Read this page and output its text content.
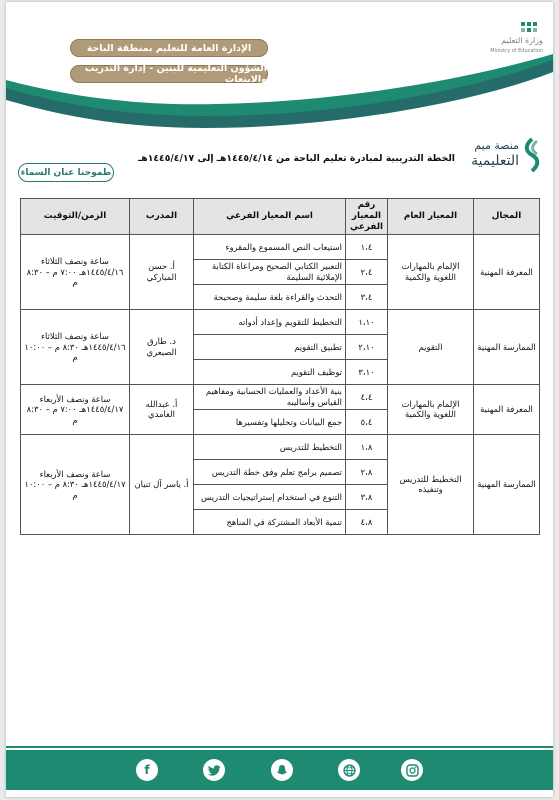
الإدارة العامة للتعليم بمنطقة الباحة
الشؤون التعليمية للبنين - إدارة التدريب والابتعاث
وزارة التعليم
Ministry of Education
منصة ميم
التعليمية
الخطة التدريبية لمبادرة تعليم الباحة من ١٤٤٥/٤/١٤هـ إلى ١٤٤٥/٤/١٧هـ
طموحنا عنان السماء
المجال	المعيار العام	رقم المعيار الفرعي	اسم المعيار الفرعي	المدرب	الزمن/التوقيت
المعرفة المهنية	الإلمام بالمهارات اللغوية والكمية	١،٤	استيعاب النص المسموع والمقروء	أ. حسن المباركي	ساعة ونصف الثلاثاء ١٤٤٥/٤/١٦هـ ٧:٠٠ م – ٨:٣٠ م
		٢،٤	التعبير الكتابي الصحيح ومراعاة الكتابة الإملائية السليمة		
		٣،٤	التحدث والقراءة بلغة سليمة وصحيحة		
الممارسة المهنية	التقويم	١،١٠	التخطيط للتقويم وإعداد أدواته	د. طارق الصيعري	ساعة ونصف الثلاثاء ١٤٤٥/٤/١٦هـ ٨:٣٠ م – ١٠:٠٠ م
		٢،١٠	تطبيق التقويم		
		٣،١٠	توظيف التقويم		
المعرفة المهنية	الإلمام بالمهارات اللغوية والكمية	٤،٤	بنية الأعداد والعمليات الحسابية ومفاهيم القياس وأساليبه	أ. عبدالله الغامدي	ساعة ونصف الأربعاء ١٤٤٥/٤/١٧هـ ٧:٠٠ م – ٨:٣٠ م
		٥،٤	جمع البيانات وتحليلها وتفسيرها		
الممارسة المهنية	التخطيط للتدريس وتنفيذه	١،٨	التخطيط للتدريس	أ. ياسر آل ثنيان	ساعة ونصف الأربعاء ١٤٤٥/٤/١٧هـ ٨:٣٠ م – ١٠:٠٠ م
		٢،٨	تصميم برامج تعلم وفق خطة التدريس		
		٣،٨	التنوع في استخدام إستراتيجيات التدريس		
		٤،٨	تنمية الأبعاد المشتركة في المناهج		
f
